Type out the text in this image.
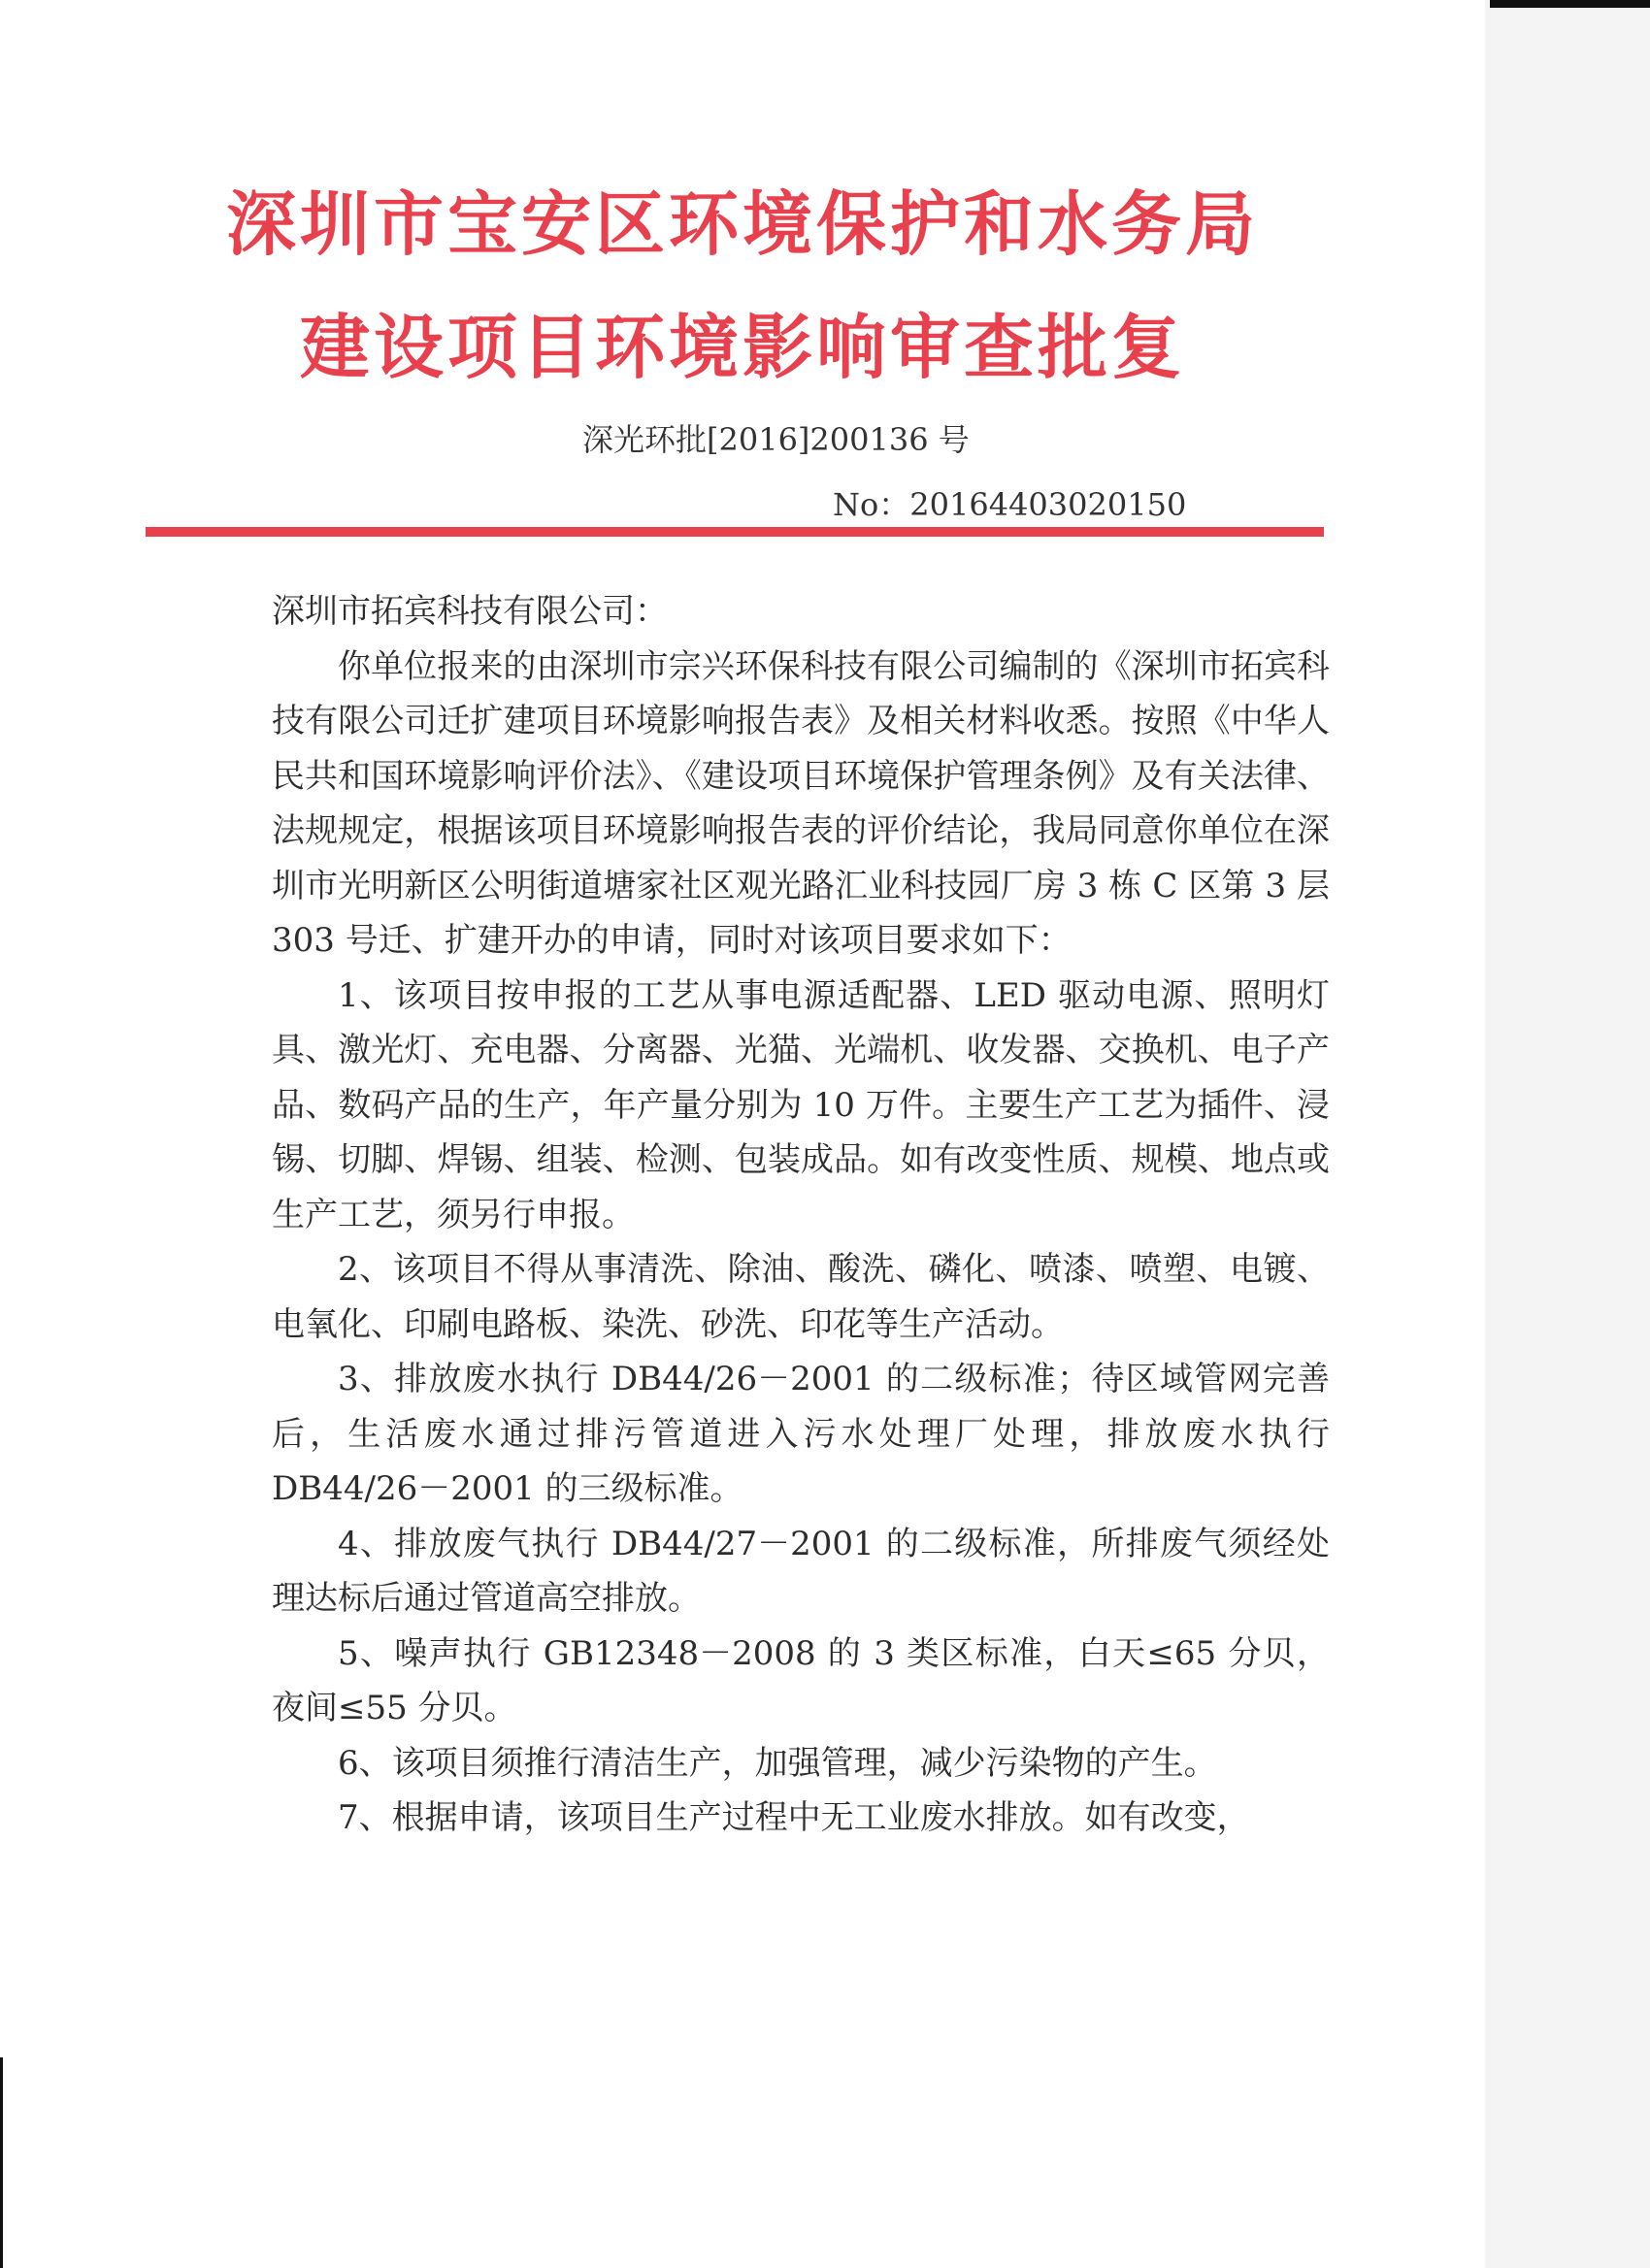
深圳市宝安区环境保护和水务局
建设项目环境影响审查批复
深光环批[2016]200136 号
No：20164403020150

深圳市拓宾科技有限公司：

你单位报来的由深圳市宗兴环保科技有限公司编制的《深圳市拓宾科技有限公司迁扩建项目环境影响报告表》及相关材料收悉。按照《中华人民共和国环境影响评价法》、《建设项目环境保护管理条例》及有关法律、法规规定，根据该项目环境影响报告表的评价结论，我局同意你单位在深圳市光明新区公明街道塘家社区观光路汇业科技园厂房 3 栋 C 区第 3 层 303 号迁、扩建开办的申请，同时对该项目要求如下：

1、该项目按申报的工艺从事电源适配器、LED 驱动电源、照明灯具、激光灯、充电器、分离器、光猫、光端机、收发器、交换机、电子产品、数码产品的生产，年产量分别为 10 万件。主要生产工艺为插件、浸锡、切脚、焊锡、组装、检测、包装成品。如有改变性质、规模、地点或生产工艺，须另行申报。

2、该项目不得从事清洗、除油、酸洗、磷化、喷漆、喷塑、电镀、电氧化、印刷电路板、染洗、砂洗、印花等生产活动。

3、排放废水执行 DB44/26－2001 的二级标准；待区域管网完善后，生活废水通过排污管道进入污水处理厂处理，排放废水执行 DB44/26－2001 的三级标准。

4、排放废气执行 DB44/27－2001 的二级标准，所排废气须经处理达标后通过管道高空排放。

5、噪声执行 GB12348－2008 的 3 类区标准，白天≤65 分贝，夜间≤55 分贝。

6、该项目须推行清洁生产，加强管理，减少污染物的产生。

7、根据申请，该项目生产过程中无工业废水排放。如有改变，
